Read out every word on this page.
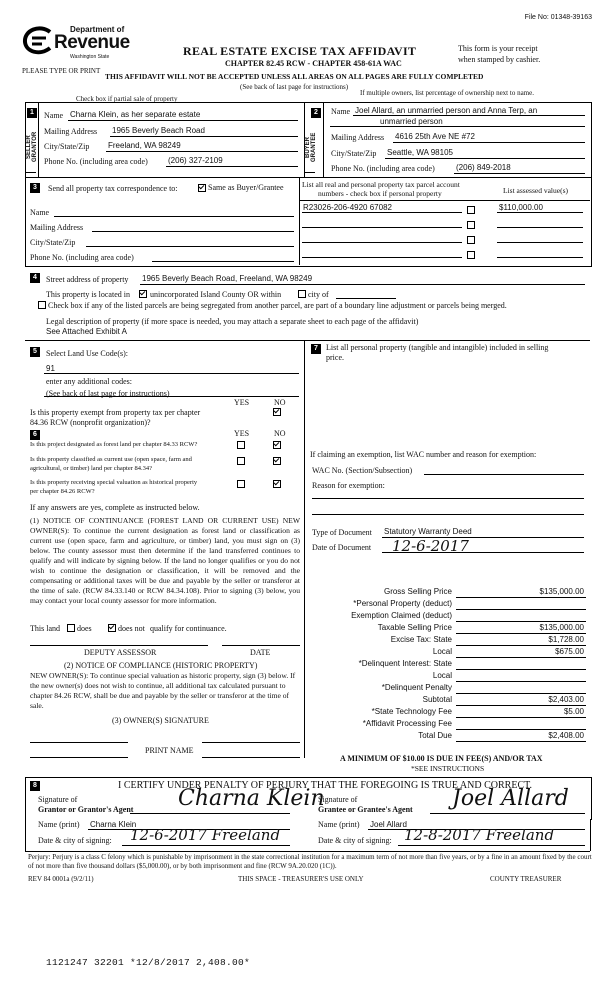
File No: 01348-39163
Department of
Revenue
Washington State
PLEASE TYPE OR PRINT
REAL ESTATE EXCISE TAX AFFIDAVIT
CHAPTER 82.45 RCW - CHAPTER 458-61A WAC
This form is your receipt
when stamped by cashier.
THIS AFFIDAVIT WILL NOT BE ACCEPTED UNLESS ALL AREAS ON ALL PAGES ARE FULLY COMPLETED
(See back of last page for instructions)
Check box if partial sale of property
If multiple owners, list percentage of ownership next to name.
1
SELLER GRANTOR
Name Charna Klein, as her separate estate
Mailing Address 1965 Beverly Beach Road
City/State/Zip Freeland, WA 98249
Phone No. (including area code)	(206) 327-2109
2
BUYER GRANTEE
Name Joel Allard, an unmarried person and Anna Terp, an
unmarried person
Mailing Address 4616 25th Ave NE #72
City/State/Zip Seattle, WA 98105
Phone No. (including area code)	(206) 849-2018
3	Send all property tax correspondence to:	Same as Buyer/Grantee List all real and personal property tax parcel account
numbers - check box if personal property	List assessed value(s)
Name
Mailing Address
City/State/Zip
Phone No. (including area code)
R23026-206-4920 67082	$110,000.00
4	Street address of property 1965 Beverly Beach Road, Freeland, WA 98249
This property is located in	unincorporated Island County OR within	city of
Check box if any of the listed parcels are being segregated from another parcel, are part of a boundary line adjustment or parcels being merged.
Legal description of property (if more space is needed, you may attach a separate sheet to each page of the affidavit)
See Attached Exhibit A
5	Select Land Use Code(s):
91
enter any additional codes:
(See back of last page for instructions)
YES	NO
Is this property exempt from property tax per chapter
84.36 RCW (nonprofit organization)?
6	YES	NO
Is this project designated as forest land per chapter 84.33 RCW?
Is this property classified as current use (open space, farm and
agricultural, or timber) land per chapter 84.34?
Is this property receiving special valuation as historical property
per chapter 84.26 RCW?
If any answers are yes, complete as instructed below.
(1) NOTICE OF CONTINUANCE (FOREST LAND OR CURRENT USE) NEW OWNER(S): To continue the current designation as forest land or classification as current use (open space, farm and agriculture, or timber) land, you must sign on (3) below. The county assessor must then determine if the land transferred continues to qualify and will indicate by signing below. If the land no longer qualifies or you do not wish to continue the designation or classification, it will be removed and the compensating or additional taxes will be due and payable by the seller or transferor at the time of sale. (RCW 84.33.140 or RCW 84.34.108). Prior to signing (3) below, you may contact your local county assessor for more information.
This land does	does not qualify for continuance.
DEPUTY ASSESSOR	DATE
(2) NOTICE OF COMPLIANCE (HISTORIC PROPERTY)
NEW OWNER(S): To continue special valuation as historic property, sign (3) below. If the new owner(s) does not wish to continue, all additional tax calculated pursuant to chapter 84.26 RCW, shall be due and payable by the seller or transferor at the time of sale.
(3) OWNER(S) SIGNATURE
PRINT NAME
7	List all personal property (tangible and intangible) included in selling
price.
If claiming an exemption, list WAC number and reason for exemption:
WAC No. (Section/Subsection)
Reason for exemption:
Type of Document Statutory Warranty Deed
Date of Document 12-6-2017
Gross Selling Price	$135,000.00
*Personal Property (deduct)
Exemption Claimed (deduct)
Taxable Selling Price	$135,000.00
Excise Tax: State	$1,728.00
Local	$675.00
*Delinquent Interest: State
Local
*Delinquent Penalty
Subtotal	$2,403.00
*State Technology Fee	$5.00
*Affidavit Processing Fee
Total Due	$2,408.00
A MINIMUM OF $10.00 IS DUE IN FEE(S) AND/OR TAX
*SEE INSTRUCTIONS
8	I CERTIFY UNDER PENALTY OF PERJURY THAT THE FOREGOING IS TRUE AND CORRECT.
Signature of
Grantor or Grantor's Agent Charna Klein
Signature of
Grantee or Grantee's Agent Joel Allard
Name (print) Charna Klein	Name (print) Joel Allard
Date & city of signing: 12-6-2017 Freeland	Date & city of signing: 12-8-2017 Freeland
Perjury: Perjury is a class C felony which is punishable by imprisonment in the state correctional institution for a maximum term of not more than five years, or by a fine in an amount fixed by the court of not more than five thousand dollars ($5,000.00), or by both imprisonment and fine (RCW 9A.20.020 (1C)).
REV 84 0001a (9/2/11)	THIS SPACE - TREASURER'S USE ONLY	COUNTY TREASURER
1121247 32201 *12/8/2017 2,408.00*
